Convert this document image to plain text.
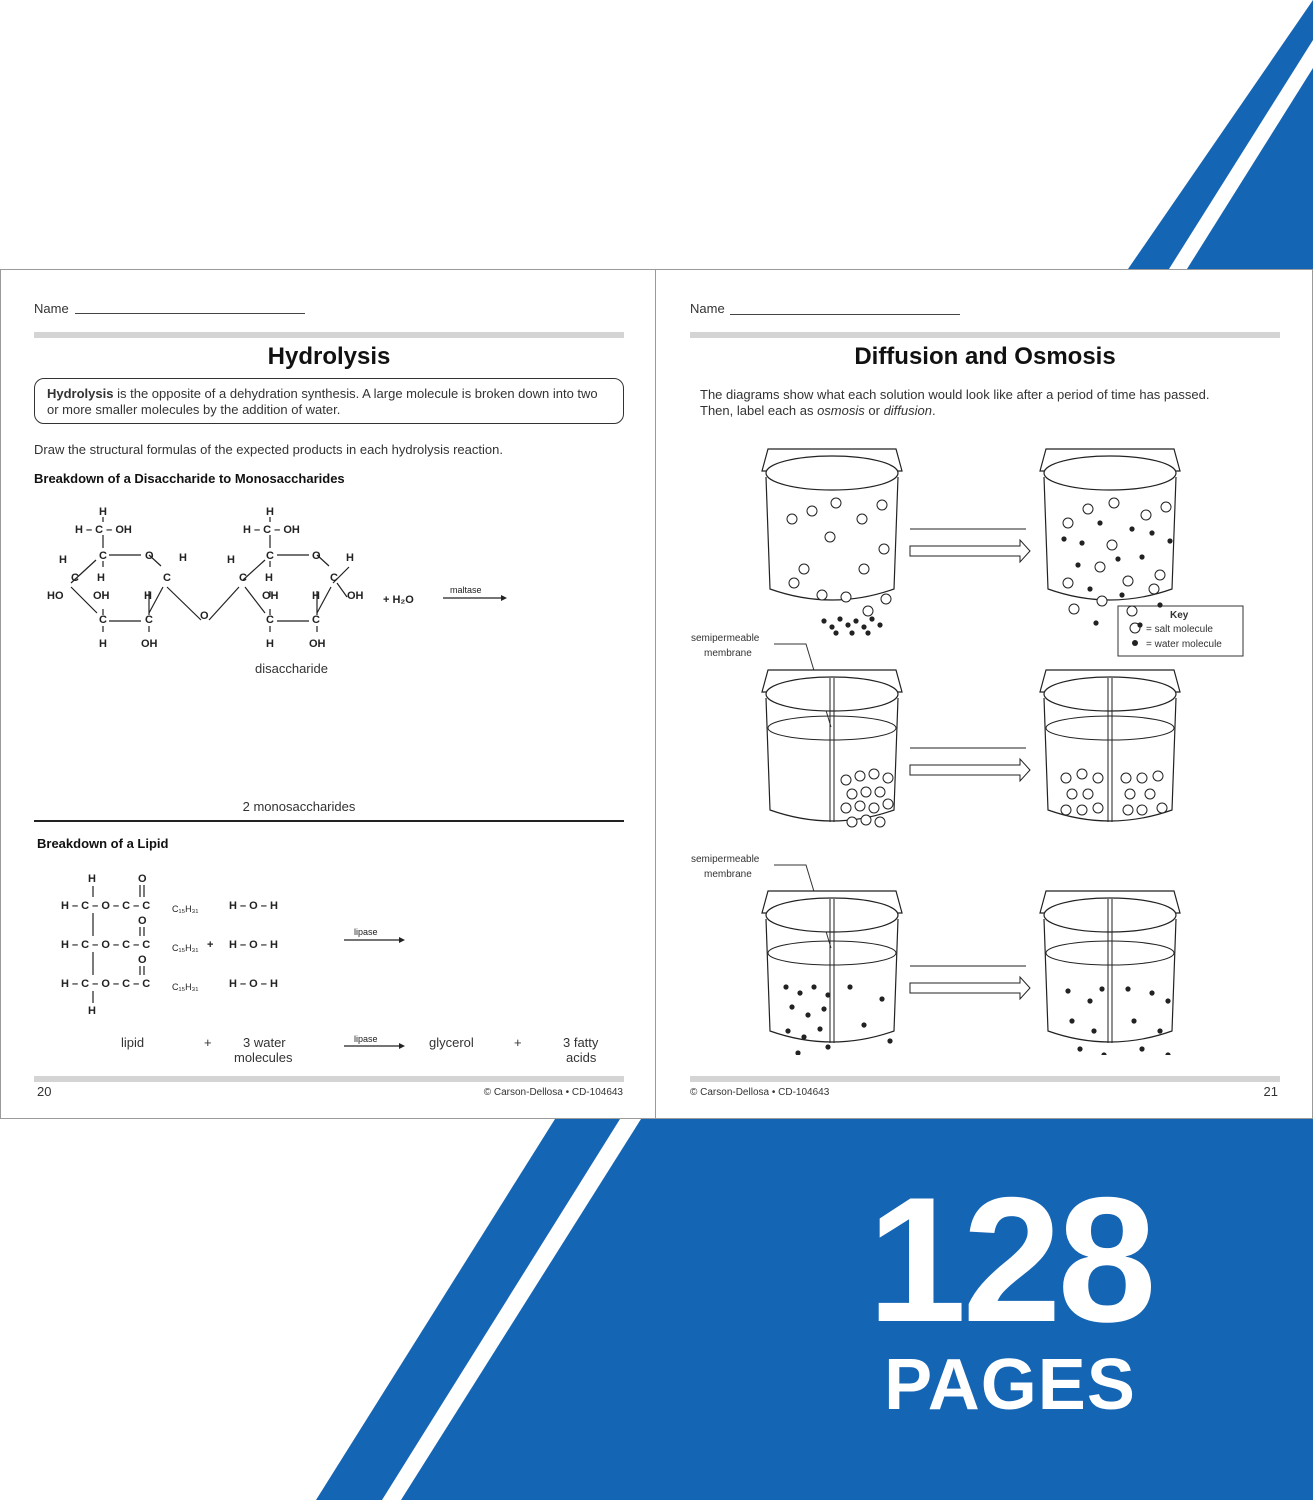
Name
Hydrolysis
Hydrolysis is the opposite of a dehydration synthesis. A large molecule is broken down into two or more smaller molecules by the addition of water.
Draw the structural formulas of the expected products in each hydrolysis reaction.
Breakdown of a Disaccharide to Monosaccharides
H
H – C – OH
C	O H
H
C H
HO	OH	H
C
C	C
H	OH
O
H
H – C – OH
C	O H
H
C H
OH	H
C
OH
C	C
H	OH
+ H₂O
maltase
disaccharide
2 monosaccharides
Breakdown of a Lipid
H	O
H – C – O – C – C
H – C – O – C – C
H – C – O – C – C
H
O
O
+
H – O – H
H – O – H
H – O – H
C₁₅H₃₁
C₁₅H₃₁
C₁₅H₃₁
lipase
lipase
lipid	+ 3 water
molecules
glycerol	+	3 fatty
acids
20	© Carson-Dellosa • CD-104643
Name
Diffusion and Osmosis
The diagrams show what each solution would look like after a period of time has passed.
Then, label each as osmosis or diffusion.
semipermeable
membrane
semipermeable
membrane
Key
= salt molecule
= water molecule
© Carson-Dellosa • CD-104643	21
128
PAGES
